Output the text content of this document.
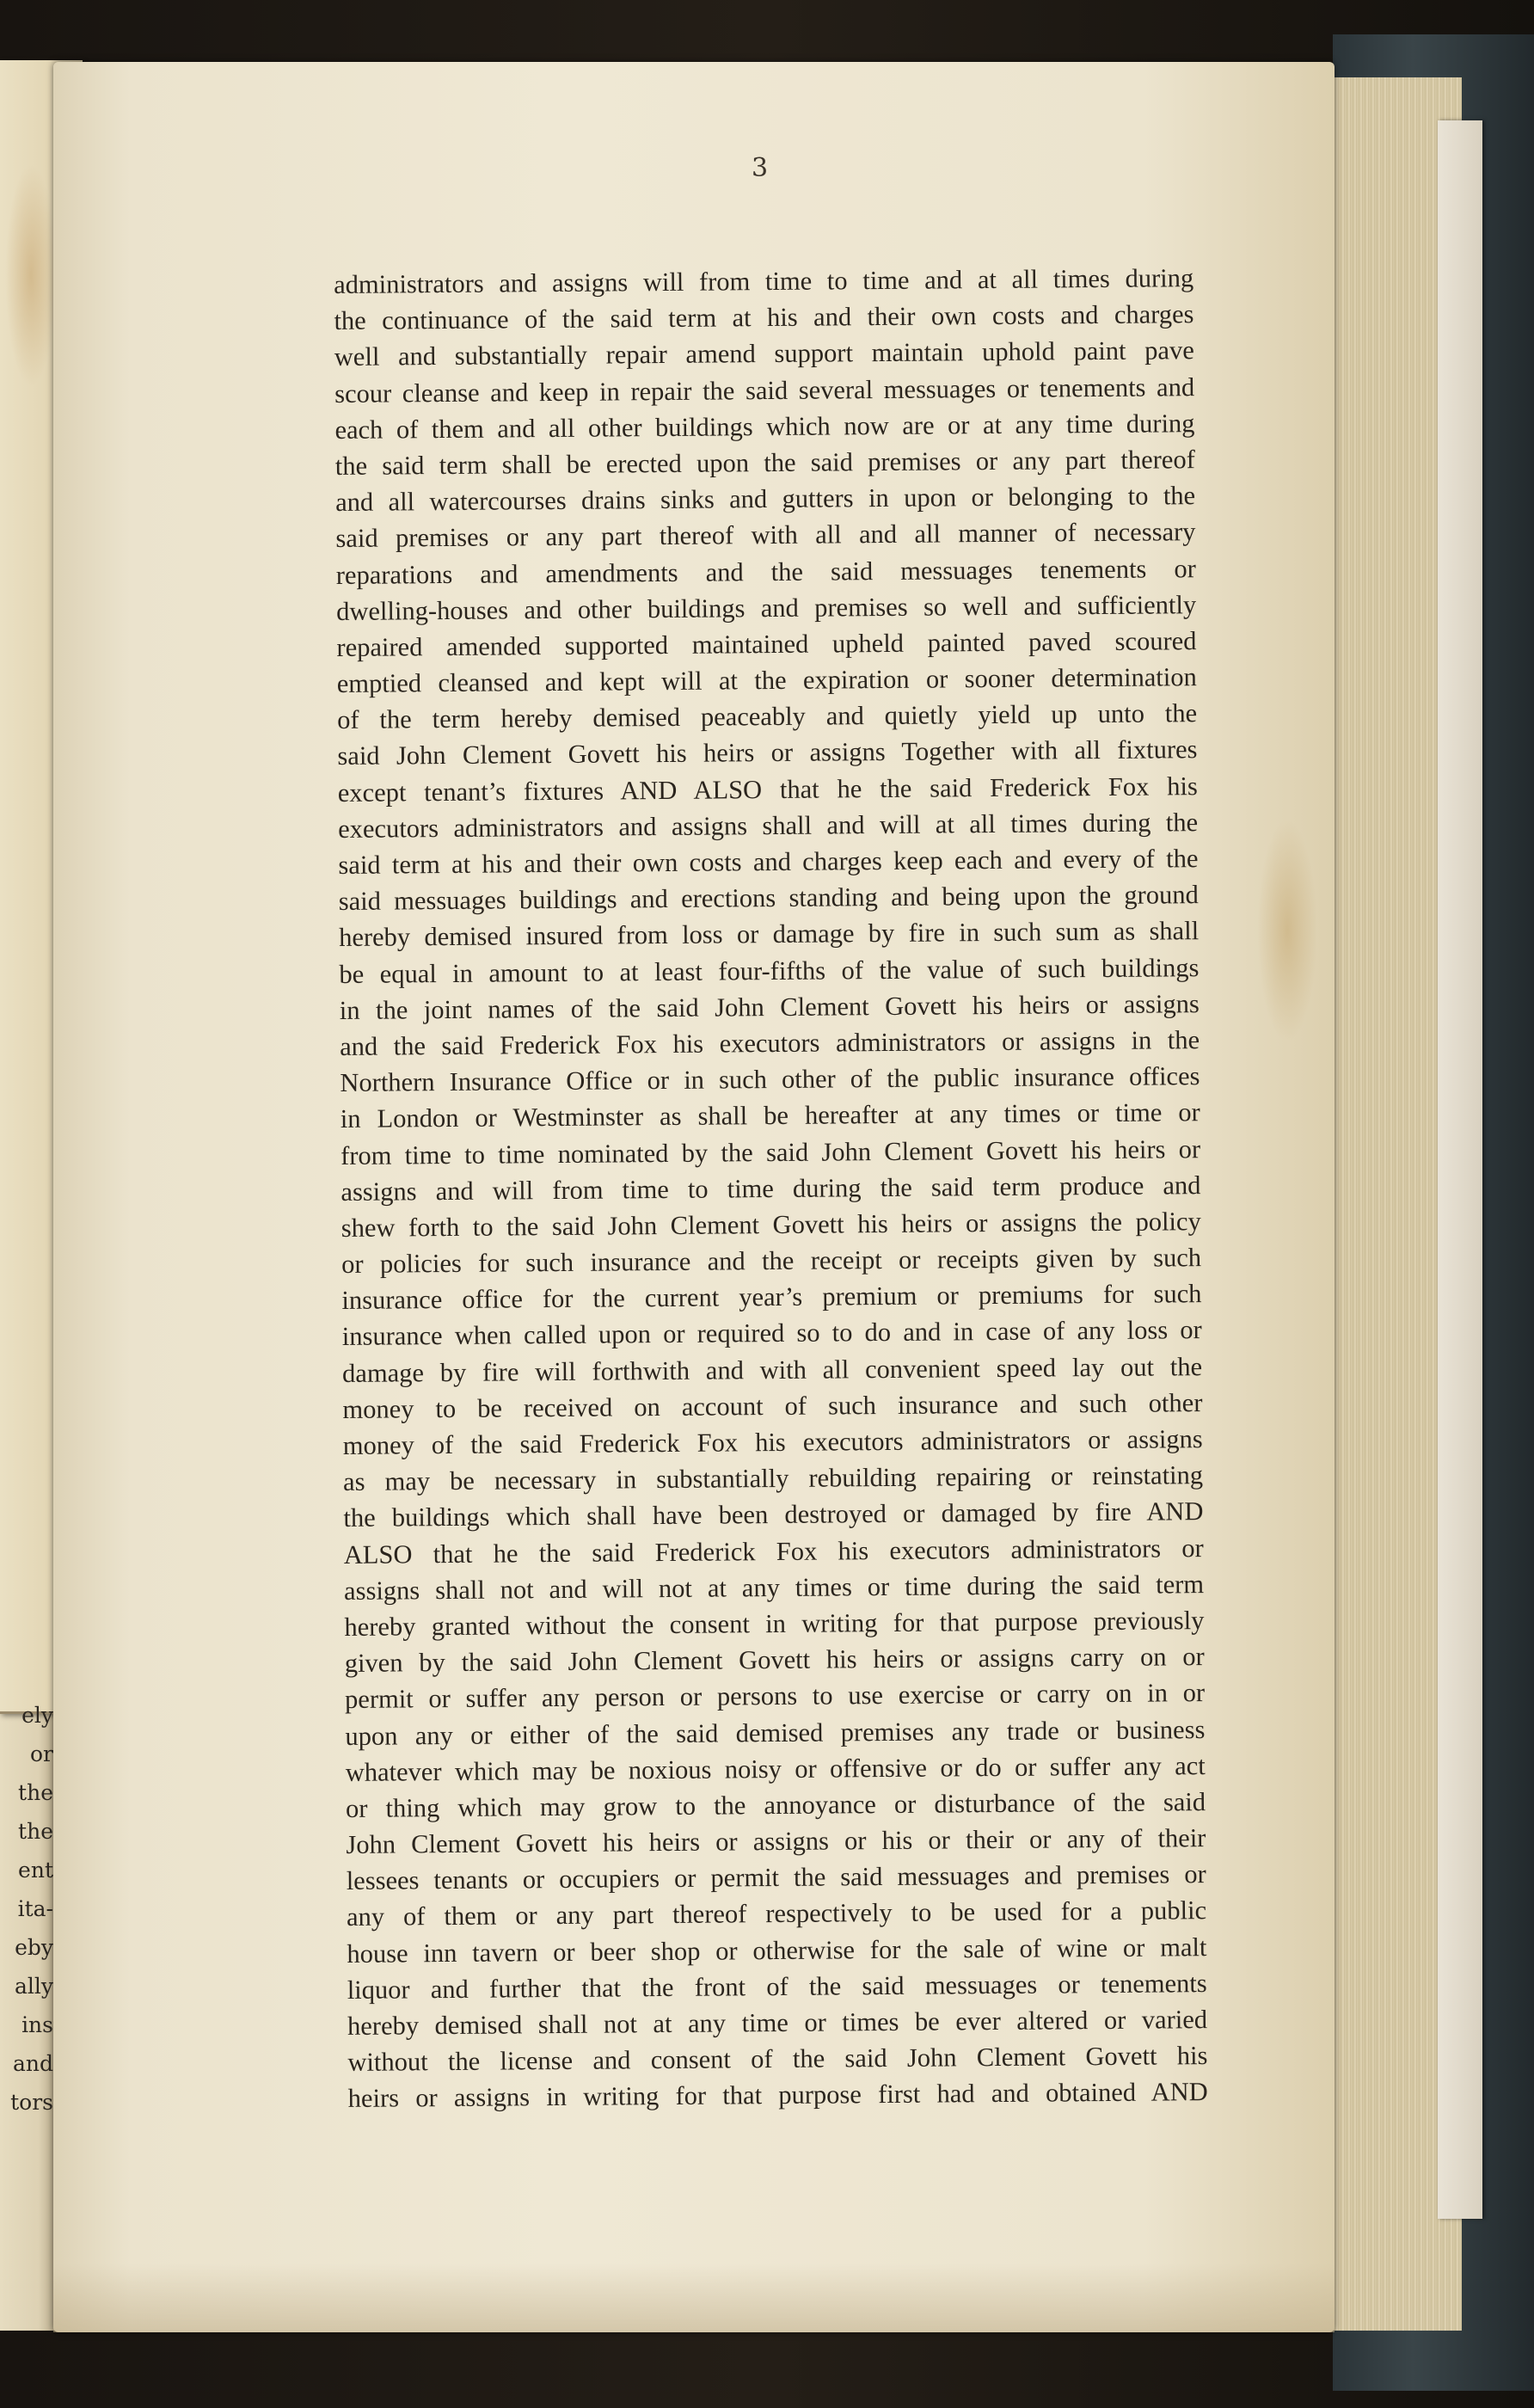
ely
or
the
the
ent
ita-
eby
ally
ins
and
tors
3
administrators and assigns will from time to time and at all times during
the continuance of the said term at his and their own costs and charges
well and substantially repair amend support maintain uphold paint pave
scour cleanse and keep in repair the said several messuages or tenements and
each of them and all other buildings which now are or at any time during
the said term shall be erected upon the said premises or any part thereof
and all watercourses drains sinks and gutters in upon or belonging to the
said premises or any part thereof with all and all manner of necessary
reparations and amendments and the said messuages tenements or
dwelling-houses and other buildings and premises so well and sufficiently
repaired amended supported maintained upheld painted paved scoured
emptied cleansed and kept will at the expiration or sooner determination
of the term hereby demised peaceably and quietly yield up unto the
said John Clement Govett his heirs or assigns Together with all fixtures
except tenant’s fixtures AND ALSO that he the said Frederick Fox his
executors administrators and assigns shall and will at all times during the
said term at his and their own costs and charges keep each and every of the
said messuages buildings and erections standing and being upon the ground
hereby demised insured from loss or damage by fire in such sum as shall
be equal in amount to at least four-fifths of the value of such buildings
in the joint names of the said John Clement Govett his heirs or assigns
and the said Frederick Fox his executors administrators or assigns in the
Northern Insurance Office or in such other of the public insurance offices
in London or Westminster as shall be hereafter at any times or time or
from time to time nominated by the said John Clement Govett his heirs or
assigns and will from time to time during the said term produce and
shew forth to the said John Clement Govett his heirs or assigns the policy
or policies for such insurance and the receipt or receipts given by such
insurance office for the current year’s premium or premiums for such
insurance when called upon or required so to do and in case of any loss or
damage by fire will forthwith and with all convenient speed lay out the
money to be received on account of such insurance and such other
money of the said Frederick Fox his executors administrators or assigns
as may be necessary in substantially rebuilding repairing or reinstating
the buildings which shall have been destroyed or damaged by fire AND
ALSO that he the said Frederick Fox his executors administrators or
assigns shall not and will not at any times or time during the said term
hereby granted without the consent in writing for that purpose previously
given by the said John Clement Govett his heirs or assigns carry on or
permit or suffer any person or persons to use exercise or carry on in or
upon any or either of the said demised premises any trade or business
whatever which may be noxious noisy or offensive or do or suffer any act
or thing which may grow to the annoyance or disturbance of the said
John Clement Govett his heirs or assigns or his or their or any of their
lessees tenants or occupiers or permit the said messuages and premises or
any of them or any part thereof respectively to be used for a public
house inn tavern or beer shop or otherwise for the sale of wine or malt
liquor and further that the front of the said messuages or tenements
hereby demised shall not at any time or times be ever altered or varied
without the license and consent of the said John Clement Govett his
heirs or assigns in writing for that purpose first had and obtained AND
